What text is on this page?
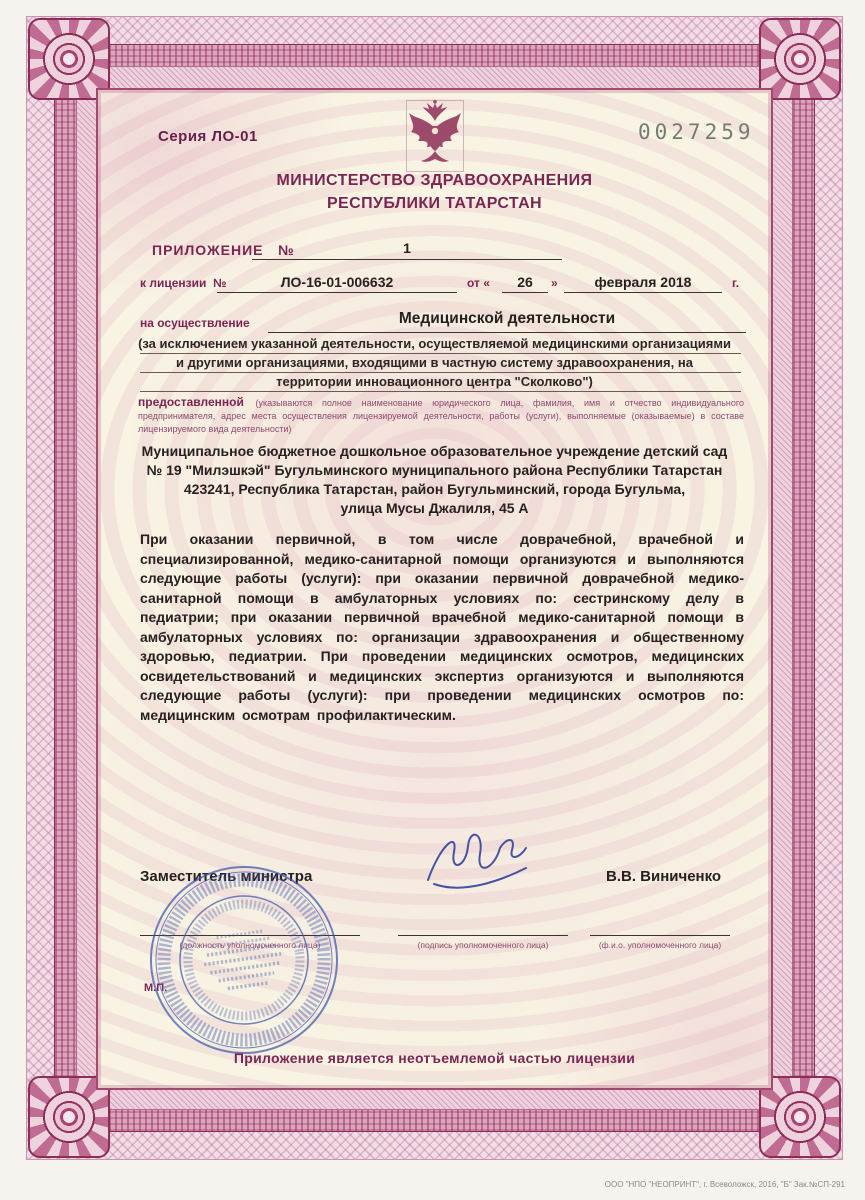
Серия ЛО-01	0027259
МИНИСТЕРСТВО ЗДРАВООХРАНЕНИЯ
РЕСПУБЛИКИ ТАТАРСТАН
ПРИЛОЖЕНИЕ №	1
к лицензии №	ЛО-16-01-006632	от «	26	»	февраля 2018	г.
на осуществление	Медицинской деятельности
(за исключением указанной деятельности, осуществляемой медицинскими организациями
и другими организациями, входящими в частную систему здравоохранения, на
территории инновационного центра "Сколково")
предоставленной (указываются полное наименование юридического лица, фамилия, имя и отчество индивидуального предпринимателя, адрес места осуществления лицензируемой деятельности, работы (услуги), выполняемые (оказываемые) в составе лицензируемого вида деятельности)
Муниципальное бюджетное дошкольное образовательное учреждение детский сад
№ 19 "Милэшкэй" Бугульминского муниципального района Республики Татарстан
423241, Республика Татарстан, район Бугульминский, города Бугульма,
улица Мусы Джалиля, 45 А
При оказании первичной, в том числе доврачебной, врачебной и специализированной, медико-санитарной помощи организуются и выполняются следующие работы (услуги): при оказании первичной доврачебной медико-санитарной помощи в амбулаторных условиях по: сестринскому делу в педиатрии; при оказании первичной врачебной медико-санитарной помощи в амбулаторных условиях по: организации здравоохранения и общественному здоровью, педиатрии. При проведении медицинских осмотров, медицинских освидетельствований и медицинских экспертиз организуются и выполняются следующие работы (услуги): при проведении медицинских осмотров по: медицинским осмотрам профилактическим.
Заместитель министра	В.В. Виниченко
(должность уполномоченного лица)	(подпись уполномоченного лица)	(ф.и.о. уполномоченного лица)
М.П.
Приложение является неотъемлемой частью лицензии
ООО "НПО "НЕОПРИНТ", г. Всеволожск, 2016, "Б" Зак.№СП-291
